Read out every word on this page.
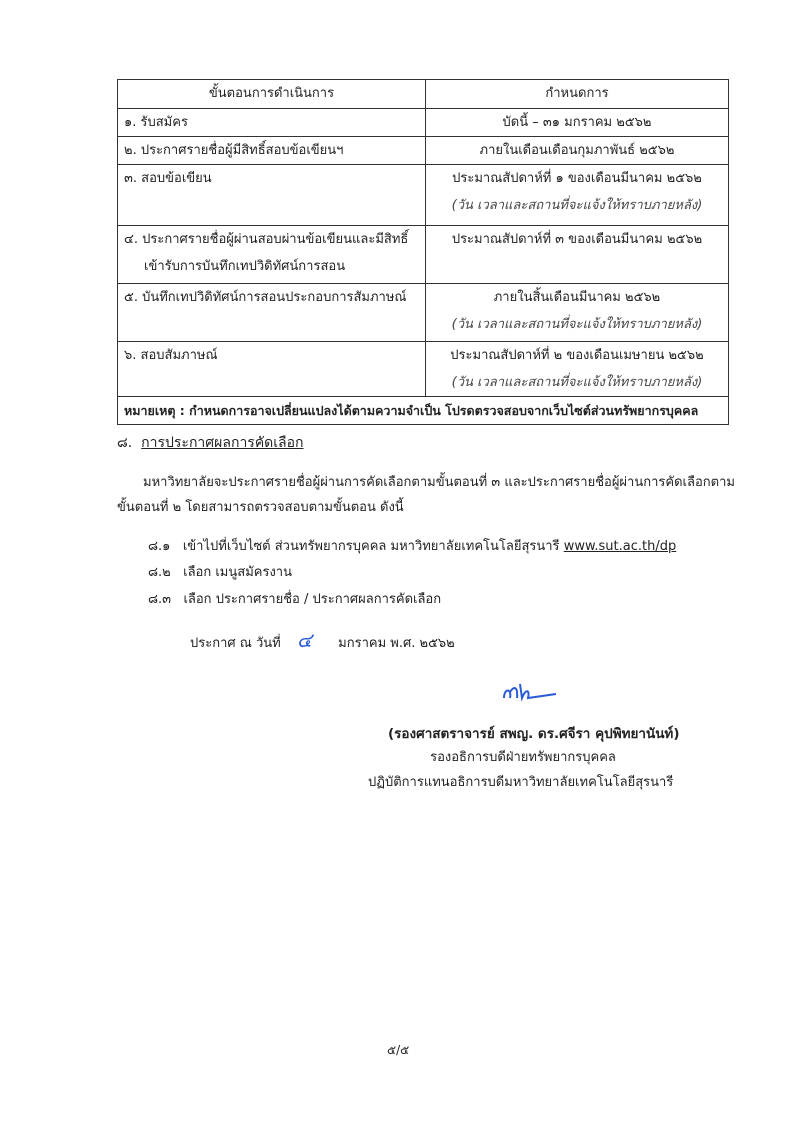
ขั้นตอนการดำเนินการ	กำหนดการ
๑. รับสมัคร	บัดนี้ – ๓๑ มกราคม ๒๕๖๒
๒. ประกาศรายชื่อผู้มีสิทธิ์สอบข้อเขียนฯ	ภายในเดือนเดือนกุมภาพันธ์ ๒๕๖๒
๓. สอบข้อเขียน	ประมาณสัปดาห์ที่ ๑ ของเดือนมีนาคม ๒๕๖๒
(วัน เวลาและสถานที่จะแจ้งให้ทราบภายหลัง)

๔. ประกาศรายชื่อผู้ผ่านสอบผ่านข้อเขียนและมีสิทธิ์
เข้ารับการบันทึกเทปวิดิทัศน์การสอน	ประมาณสัปดาห์ที่ ๓ ของเดือนมีนาคม ๒๕๖๒
๕. บันทึกเทปวิดิทัศน์การสอนประกอบการสัมภาษณ์	ภายในสิ้นเดือนมีนาคม ๒๕๖๒
(วัน เวลาและสถานที่จะแจ้งให้ทราบภายหลัง)

๖. สอบสัมภาษณ์	ประมาณสัปดาห์ที่ ๒ ของเดือนเมษายน ๒๕๖๒
(วัน เวลาและสถานที่จะแจ้งให้ทราบภายหลัง)

หมายเหตุ : กำหนดการอาจเปลี่ยนแปลงได้ตามความจำเป็น โปรดตรวจสอบจากเว็บไซต์ส่วนทรัพยากรบุคคล	
๘. การประกาศผลการคัดเลือก
มหาวิทยาลัยจะประกาศรายชื่อผู้ผ่านการคัดเลือกตามขั้นตอนที่ ๓ และประกาศรายชื่อผู้ผ่านการคัดเลือกตาม
ขั้นตอนที่ ๒ โดยสามารถตรวจสอบตามขั้นตอน ดังนี้
๘.๑ เข้าไปที่เว็บไซต์ ส่วนทรัพยากรบุคคล มหาวิทยาลัยเทคโนโลยีสุรนารี www.sut.ac.th/dp
๘.๒ เลือก เมนูสมัครงาน
๘.๓ เลือก ประกาศรายชื่อ / ประกาศผลการคัดเลือก
ประกาศ ณ วันที่ ๔ มกราคม พ.ศ. ๒๕๖๒
(รองศาสตราจารย์ สพญ. ดร.ศจีรา คุปพิทยานันท์)
รองอธิการบดีฝ่ายทรัพยากรบุคคล
ปฏิบัติการแทนอธิการบดีมหาวิทยาลัยเทคโนโลยีสุรนารี
๕/๕
